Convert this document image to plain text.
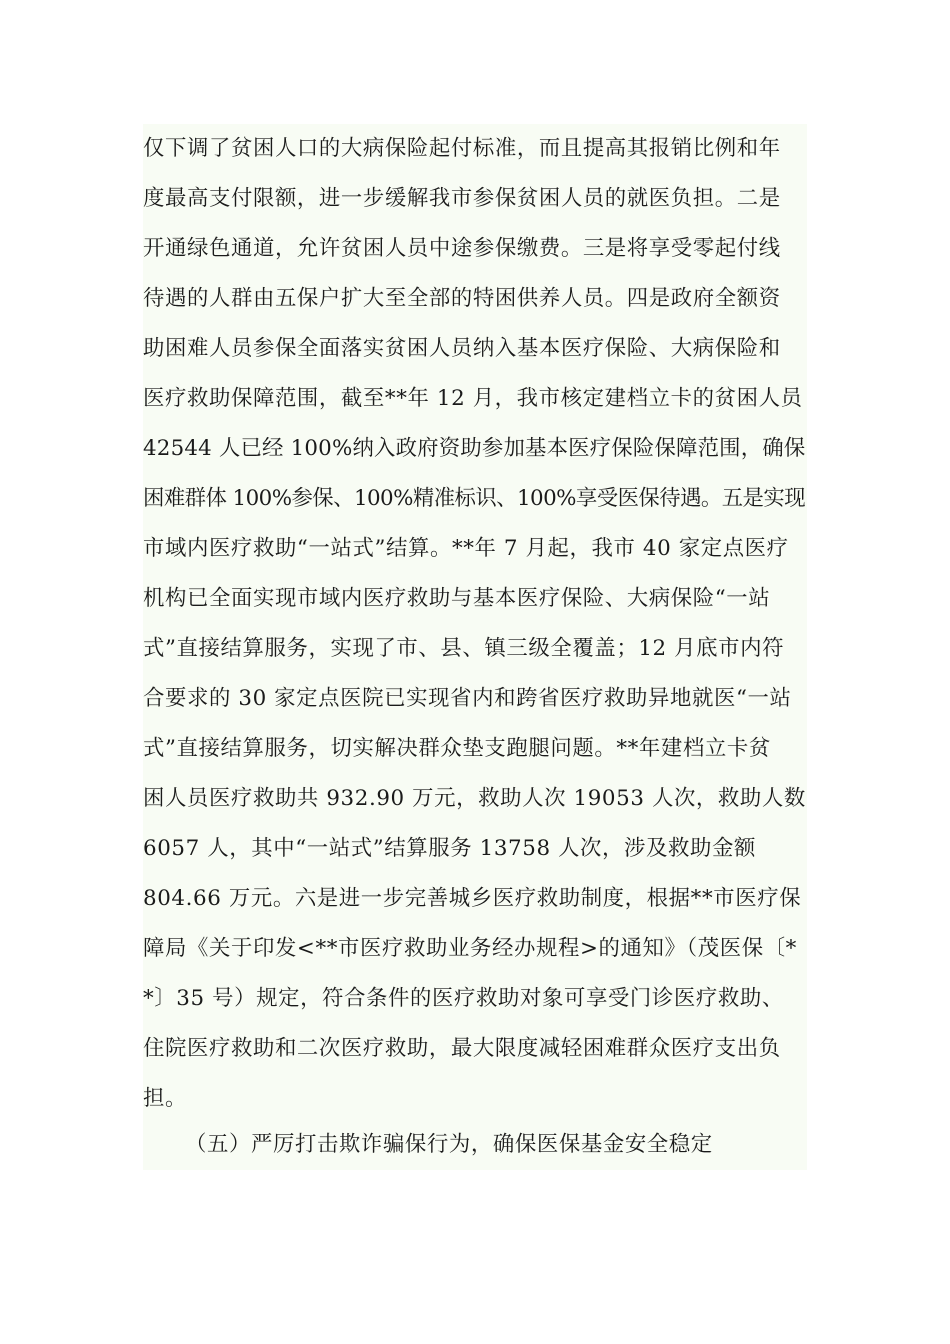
仅下调了贫困人口的大病保险起付标准，而且提高其报销比例和年
度最高支付限额，进一步缓解我市参保贫困人员的就医负担。二是
开通绿色通道，允许贫困人员中途参保缴费。三是将享受零起付线
待遇的人群由五保户扩大至全部的特困供养人员。四是政府全额资
助困难人员参保全面落实贫困人员纳入基本医疗保险、大病保险和
医疗救助保障范围，截至**年 12 月，我市核定建档立卡的贫困人员
42544 人已经 100%纳入政府资助参加基本医疗保险保障范围，确保
困难群体 100%参保、100%精准标识、100%享受医保待遇。五是实现
市域内医疗救助“一站式”结算。**年 7 月起，我市 40 家定点医疗
机构已全面实现市域内医疗救助与基本医疗保险、大病保险“一站
式”直接结算服务，实现了市、县、镇三级全覆盖；12 月底市内符
合要求的 30 家定点医院已实现省内和跨省医疗救助异地就医“一站
式”直接结算服务，切实解决群众垫支跑腿问题。**年建档立卡贫
困人员医疗救助共 932.90 万元，救助人次 19053 人次，救助人数
6057 人，其中“一站式”结算服务 13758 人次，涉及救助金额
804.66 万元。六是进一步完善城乡医疗救助制度，根据**市医疗保
障局《关于印发<**市医疗救助业务经办规程>的通知》（茂医保〔*
*〕35 号）规定，符合条件的医疗救助对象可享受门诊医疗救助、
住院医疗救助和二次医疗救助，最大限度减轻困难群众医疗支出负
担。
（五）严厉打击欺诈骗保行为，确保医保基金安全稳定
